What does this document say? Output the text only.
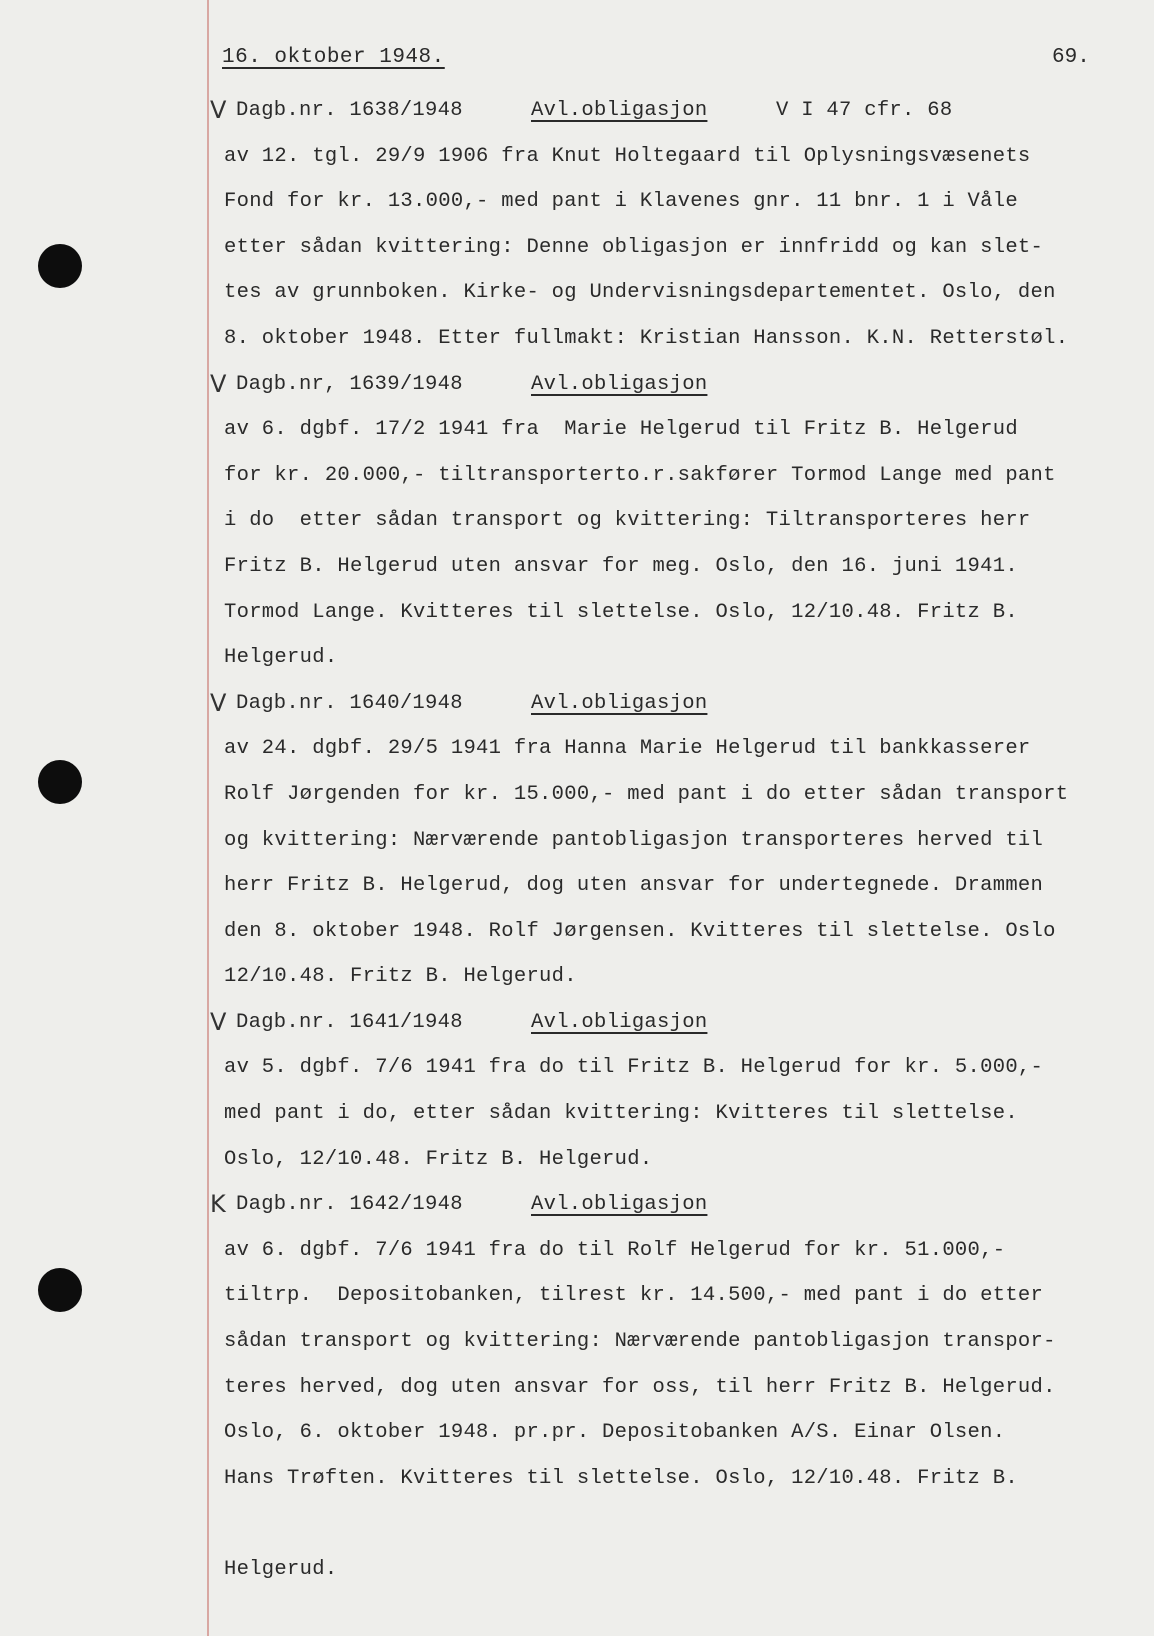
16. oktober 1948.	69.
V Dagb.nr. 1638/1948	Avl.obligasjon	V I 47 cfr. 68
av 12. tgl. 29/9 1906 fra Knut Holtegaard til Oplysningsvæsenets
Fond for kr. 13.000,- med pant i Klavenes gnr. 11 bnr. 1 i Våle
etter sådan kvittering: Denne obligasjon er innfridd og kan slet-
tes av grunnboken. Kirke- og Undervisningsdepartementet. Oslo, den
8. oktober 1948. Etter fullmakt: Kristian Hansson. K.N. Retterstøl.
V Dagb.nr, 1639/1948	Avl.obligasjon
av 6. dgbf. 17/2 1941 fra  Marie Helgerud til Fritz B. Helgerud
for kr. 20.000,- tiltransporterto.r.sakfører Tormod Lange med pant
i do  etter sådan transport og kvittering: Tiltransporteres herr
Fritz B. Helgerud uten ansvar for meg. Oslo, den 16. juni 1941.
Tormod Lange. Kvitteres til slettelse. Oslo, 12/10.48. Fritz B.
Helgerud.
V Dagb.nr. 1640/1948	Avl.obligasjon
av 24. dgbf. 29/5 1941 fra Hanna Marie Helgerud til bankkasserer
Rolf Jørgenden for kr. 15.000,- med pant i do etter sådan transport
og kvittering: Nærværende pantobligasjon transporteres herved til
herr Fritz B. Helgerud, dog uten ansvar for undertegnede. Drammen
den 8. oktober 1948. Rolf Jørgensen. Kvitteres til slettelse. Oslo
12/10.48. Fritz B. Helgerud.
V Dagb.nr. 1641/1948	Avl.obligasjon
av 5. dgbf. 7/6 1941 fra do til Fritz B. Helgerud for kr. 5.000,-
med pant i do, etter sådan kvittering: Kvitteres til slettelse.
Oslo, 12/10.48. Fritz B. Helgerud.
K Dagb.nr. 1642/1948	Avl.obligasjon
av 6. dgbf. 7/6 1941 fra do til Rolf Helgerud for kr. 51.000,-
tiltrp.  Depositobanken, tilrest kr. 14.500,- med pant i do etter
sådan transport og kvittering: Nærværende pantobligasjon transpor-
teres herved, dog uten ansvar for oss, til herr Fritz B. Helgerud.
Oslo, 6. oktober 1948. pr.pr. Depositobanken A/S. Einar Olsen.
Hans Trøften. Kvitteres til slettelse. Oslo, 12/10.48. Fritz B.
Helgerud.
